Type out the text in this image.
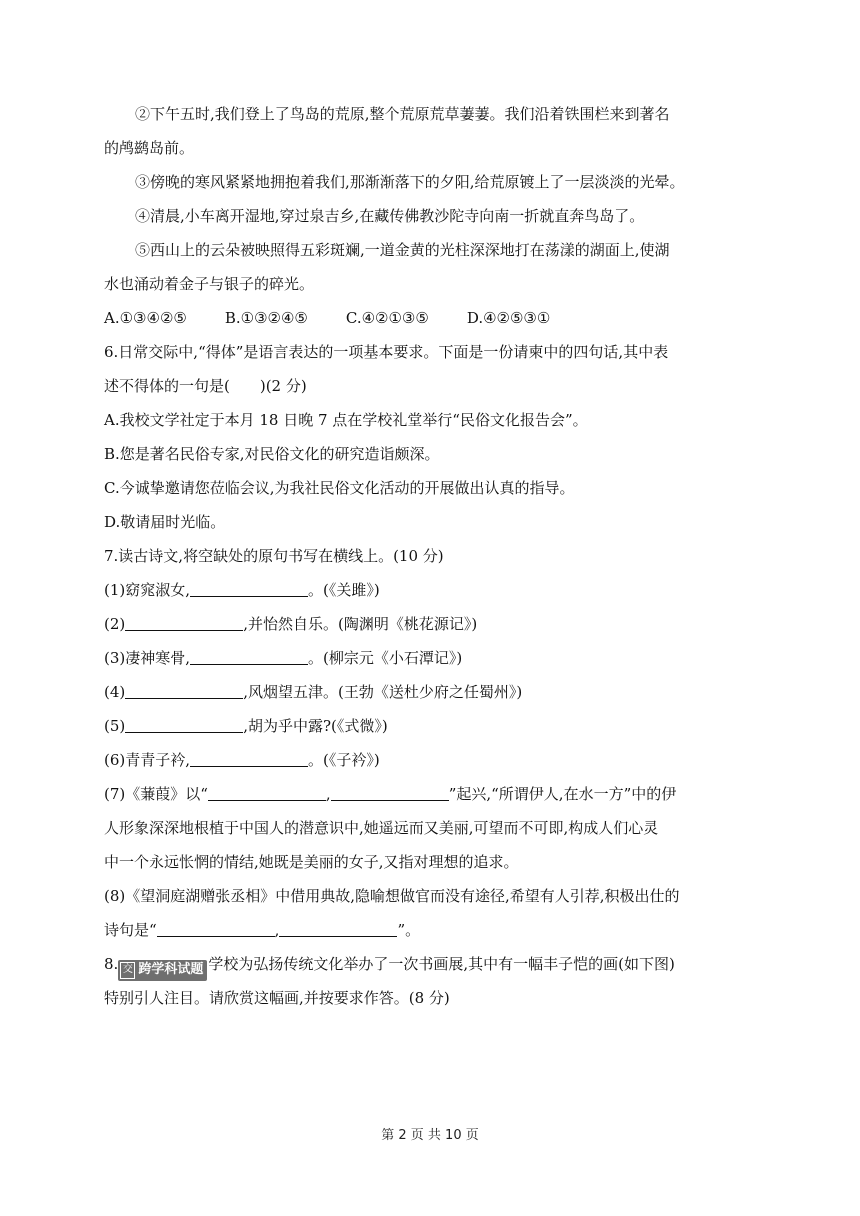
②下午五时,我们登上了鸟岛的荒原,整个荒原荒草萋萋。我们沿着铁围栏来到著名

的鸬鹚岛前。

③傍晚的寒风紧紧地拥抱着我们,那渐渐落下的夕阳,给荒原镀上了一层淡淡的光晕。

④清晨,小车离开湿地,穿过泉吉乡,在藏传佛教沙陀寺向南一折就直奔鸟岛了。

⑤西山上的云朵被映照得五彩斑斓,一道金黄的光柱深深地打在荡漾的湖面上,使湖

水也涌动着金子与银子的碎光。

A.①③④②⑤	B.①③②④⑤	C.④②①③⑤	D.④②⑤③①

6.日常交际中,“得体”是语言表达的一项基本要求。下面是一份请柬中的四句话,其中表

述不得体的一句是(　　)(2 分)

A.我校文学社定于本月 18 日晚 7 点在学校礼堂举行“民俗文化报告会”。

B.您是著名民俗专家,对民俗文化的研究造诣颇深。

C.今诚挚邀请您莅临会议,为我社民俗文化活动的开展做出认真的指导。

D.敬请届时光临。

7.读古诗文,将空缺处的原句书写在横线上。(10 分)

(1)窈窕淑女,	。(《关雎》)

(2)	,并怡然自乐。(陶渊明《桃花源记》)

(3)凄神寒骨,	。(柳宗元《小石潭记》)

(4)	,风烟望五津。(王勃《送杜少府之任蜀州》)

(5)	,胡为乎中露?(《式微》)

(6)青青子衿,	。(《子衿》)

(7)《蒹葭》以“	,	”起兴,“所谓伊人,在水一方”中的伊

人形象深深地根植于中国人的潜意识中,她遥远而又美丽,可望而不可即,构成人们心灵

中一个永远怅惘的情结,她既是美丽的女子,又指对理想的追求。

(8)《望洞庭湖赠张丞相》中借用典故,隐喻想做官而没有途径,希望有人引荐,积极出仕的

诗句是“	,	”。

8. 交 跨学科试题 学校为弘扬传统文化举办了一次书画展,其中有一幅丰子恺的画(如下图)

特别引人注目。请欣赏这幅画,并按要求作答。(8 分)

第 2 页 共 10 页
